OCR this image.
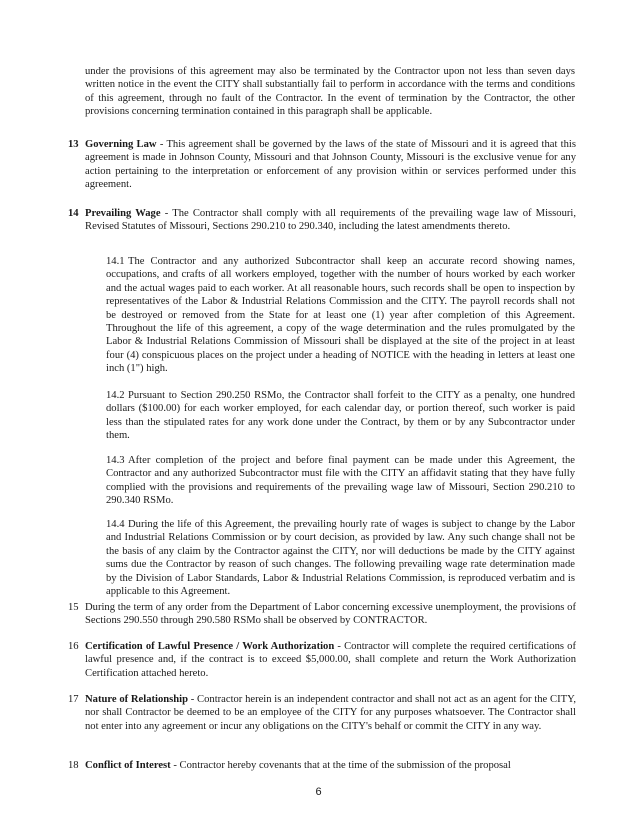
under the provisions of this agreement may also be terminated by the Contractor upon not less than seven days written notice in the event the CITY shall substantially fail to perform in accordance with the terms and conditions of this agreement, through no fault of the Contractor. In the event of termination by the Contractor, the other provisions concerning termination contained in this paragraph shall be applicable.
13 Governing Law - This agreement shall be governed by the laws of the state of Missouri and it is agreed that this agreement is made in Johnson County, Missouri and that Johnson County, Missouri is the exclusive venue for any action pertaining to the interpretation or enforcement of any provision within or services performed under this agreement.
14 Prevailing Wage - The Contractor shall comply with all requirements of the prevailing wage law of Missouri, Revised Statutes of Missouri, Sections 290.210 to 290.340, including the latest amendments thereto.
14.1 The Contractor and any authorized Subcontractor shall keep an accurate record showing names, occupations, and crafts of all workers employed, together with the number of hours worked by each worker and the actual wages paid to each worker. At all reasonable hours, such records shall be open to inspection by representatives of the Labor & Industrial Relations Commission and the CITY. The payroll records shall not be destroyed or removed from the State for at least one (1) year after completion of this Agreement. Throughout the life of this agreement, a copy of the wage determination and the rules promulgated by the Labor & Industrial Relations Commission of Missouri shall be displayed at the site of the project in at least four (4) conspicuous places on the project under a heading of NOTICE with the heading in letters at least one inch (1") high.
14.2 Pursuant to Section 290.250 RSMo, the Contractor shall forfeit to the CITY as a penalty, one hundred dollars ($100.00) for each worker employed, for each calendar day, or portion thereof, such worker is paid less than the stipulated rates for any work done under the Contract, by them or by any Subcontractor under them.
14.3 After completion of the project and before final payment can be made under this Agreement, the Contractor and any authorized Subcontractor must file with the CITY an affidavit stating that they have fully complied with the provisions and requirements of the prevailing wage law of Missouri, Section 290.210 to 290.340 RSMo.
14.4 During the life of this Agreement, the prevailing hourly rate of wages is subject to change by the Labor and Industrial Relations Commission or by court decision, as provided by law. Any such change shall not be the basis of any claim by the Contractor against the CITY, nor will deductions be made by the CITY against sums due the Contractor by reason of such changes. The following prevailing wage rate determination made by the Division of Labor Standards, Labor & Industrial Relations Commission, is reproduced verbatim and is applicable to this Agreement.
15 During the term of any order from the Department of Labor concerning excessive unemployment, the provisions of Sections 290.550 through 290.580 RSMo shall be observed by CONTRACTOR.
16 Certification of Lawful Presence / Work Authorization - Contractor will complete the required certifications of lawful presence and, if the contract is to exceed $5,000.00, shall complete and return the Work Authorization Certification attached hereto.
17 Nature of Relationship - Contractor herein is an independent contractor and shall not act as an agent for the CITY, nor shall Contractor be deemed to be an employee of the CITY for any purposes whatsoever. The Contractor shall not enter into any agreement or incur any obligations on the CITY's behalf or commit the CITY in any way.
18 Conflict of Interest - Contractor hereby covenants that at the time of the submission of the proposal
6
